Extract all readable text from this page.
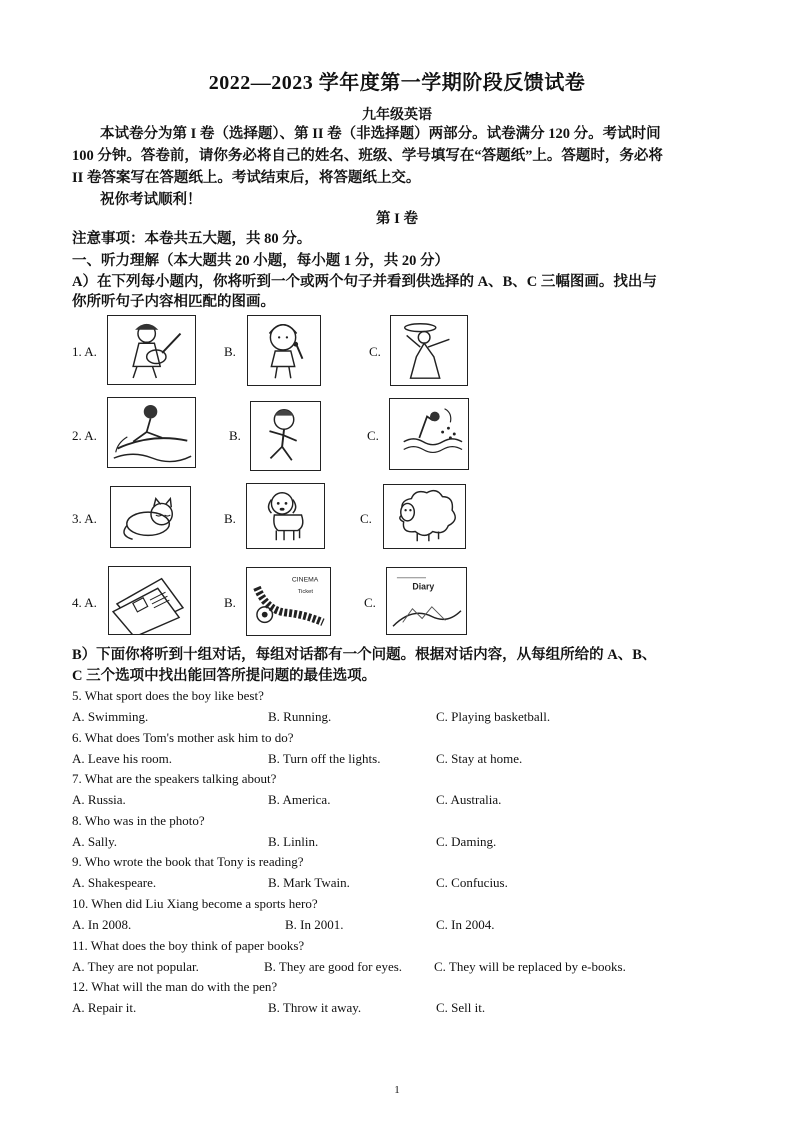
2022—2023 学年度第一学期阶段反馈试卷
九年级英语
本试卷分为第 I 卷（选择题）、第 II 卷（非选择题）两部分。试卷满分 120 分。考试时间
100 分钟。答卷前，请你务必将自己的姓名、班级、学号填写在“答题纸”上。答题时，务必将
II 卷答案写在答题纸上。考试结束后，将答题纸上交。
祝你考试顺利！
第 I 卷
注意事项：本卷共五大题，共 80 分。
一、听力理解（本大题共 20 小题，每小题 1 分，共 20 分）
A）在下列每小题内，你将听到一个或两个句子并看到供选择的 A、B、C 三幅图画。找出与
你所听句子内容相匹配的图画。
1. A.	B.	C.
2. A.	B.	C.
3. A.	B.	C.
4. A.	B.
CINEMA
Ticket
C.
Diary
B）下面你将听到十组对话，每组对话都有一个问题。根据对话内容，从每组所给的 A、B、
C 三个选项中找出能回答所提问题的最佳选项。
5. What sport does the boy like best?
A. Swimming.	B. Running.	C. Playing basketball.
6. What does Tom's mother ask him to do?
A. Leave his room.	B. Turn off the lights.	C. Stay at home.
7. What are the speakers talking about?
A. Russia.	B. America.	C. Australia.
8. Who was in the photo?
A. Sally.	B. Linlin.	C. Daming.
9. Who wrote the book that Tony is reading?
A. Shakespeare.	B. Mark Twain.	C. Confucius.
10. When did Liu Xiang become a sports hero?
A. In 2008.	B. In 2001.	C. In 2004.
11. What does the boy think of paper books?
A. They are not popular.	B. They are good for eyes. C. They will be replaced by e-books.
12. What will the man do with the pen?
A. Repair it.	B. Throw it away.	C. Sell it.
1
